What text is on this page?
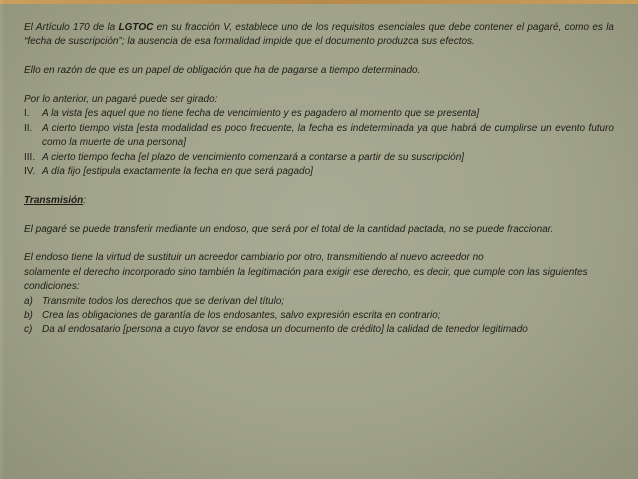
El Artículo 170 de la LGTOC en su fracción V, establece uno de los requisitos esenciales que debe contener el pagaré, como es la “fecha de suscripción”; la ausencia de esa formalidad impide que el documento produzca sus efectos.

Ello en razón de que es un papel de obligación que ha de pagarse a tiempo determinado.

Por lo anterior, un pagaré puede ser girado:

I.	A la vista [es aquel que no tiene fecha de vencimiento y es pagadero al momento que se presenta]
II. A cierto tiempo vista [esta modalidad es poco frecuente, la fecha es indeterminada ya que habrá de cumplirse un evento futuro como la muerte de una persona]
III. A cierto tiempo fecha [el plazo de vencimiento comenzará a contarse a partir de su suscripción]
IV. A día fijo [estipula exactamente la fecha en que será pagado]

Transmisión:

El pagaré se puede transferir mediante un endoso, que será por el total de la cantidad pactada, no se puede fraccionar.

El endoso tiene la virtud de sustituir un acreedor cambiario por otro, transmitiendo al nuevo acreedor no
solamente el derecho incorporado sino también la legitimación para exigir ese derecho, es decir, que cumple con las siguientes condiciones:

a) Transmite todos los derechos que se derivan del título;
b) Crea las obligaciones de garantía de los endosantes, salvo expresión escrita en contrario;
c) Da al endosatario [persona a cuyo favor se endosa un documento de crédito] la calidad de tenedor legitimado
